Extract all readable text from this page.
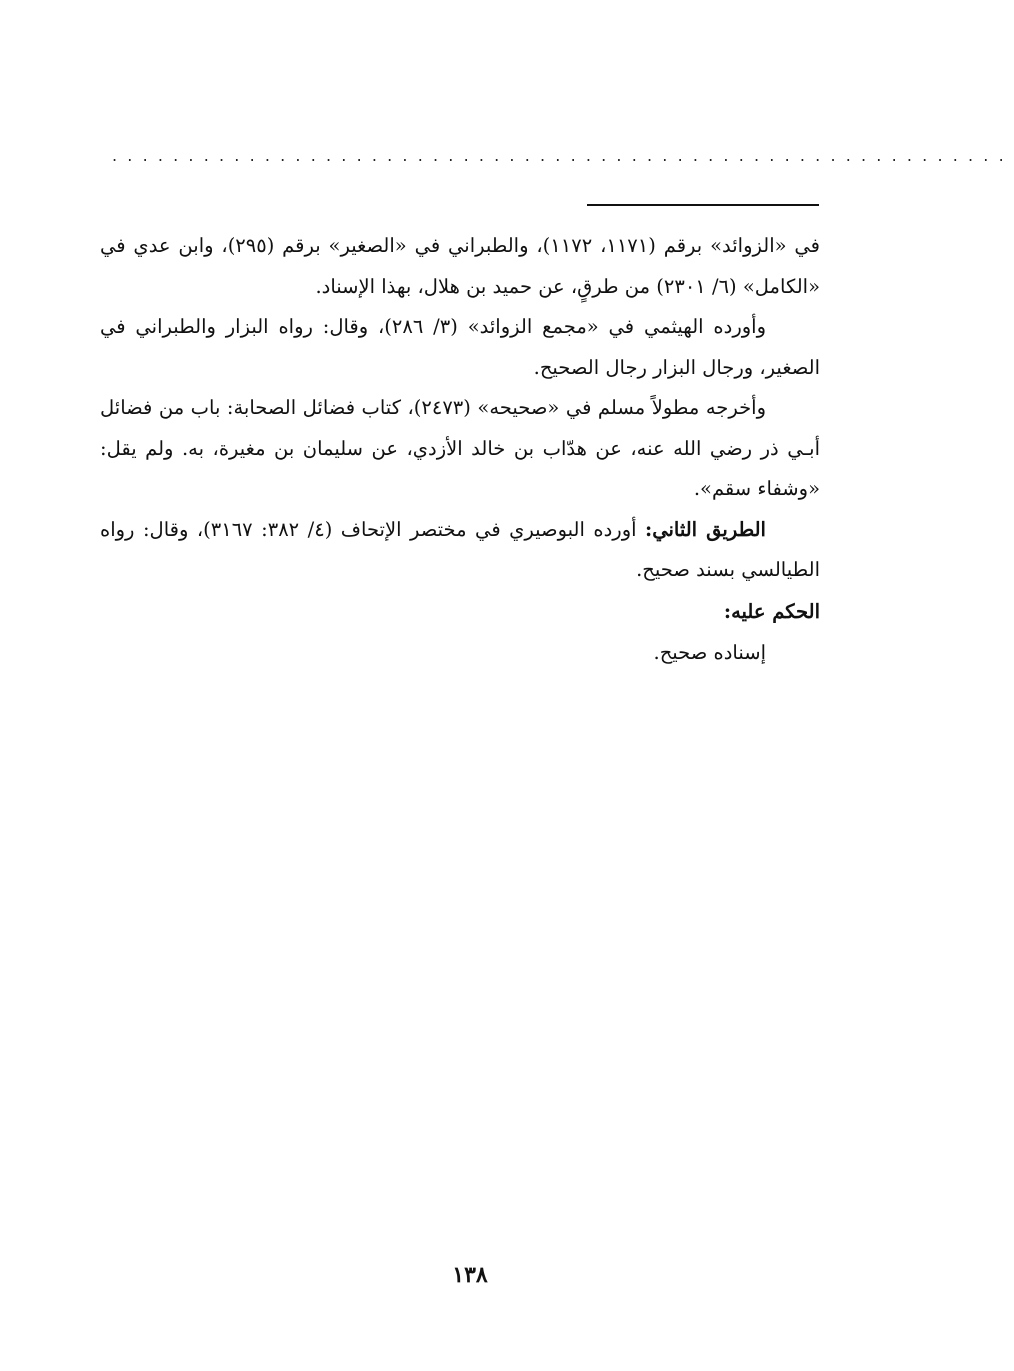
...........................................................

في «الزوائد» برقم (١١٧١، ١١٧٢)، والطبراني في «الصغير» برقم (٢٩٥)، وابن عدي في «الكامل» (٦/ ٢٣٠١) من طرقٍ، عن حميد بن هلال، بهذا الإسناد.

وأورده الهيثمي في «مجمع الزوائد» (٣/ ٢٨٦)، وقال: رواه البزار والطبراني في الصغير، ورجال البزار رجال الصحيح.

وأخرجه مطولاً مسلم في «صحيحه» (٢٤٧٣)، كتاب فضائل الصحابة: باب من فضائل أبـي ذر رضي الله عنه، عن هدّاب بن خالد الأزدي، عن سليمان بن مغيرة، به. ولم يقل: «وشفاء سقم».

الطريق الثاني: أورده البوصيري في مختصر الإتحاف (٤/ ٣٨٢: ٣١٦٧)، وقال: رواه الطيالسي بسند صحيح.

الحكم عليه:

إسناده صحيح.

١٣٨
